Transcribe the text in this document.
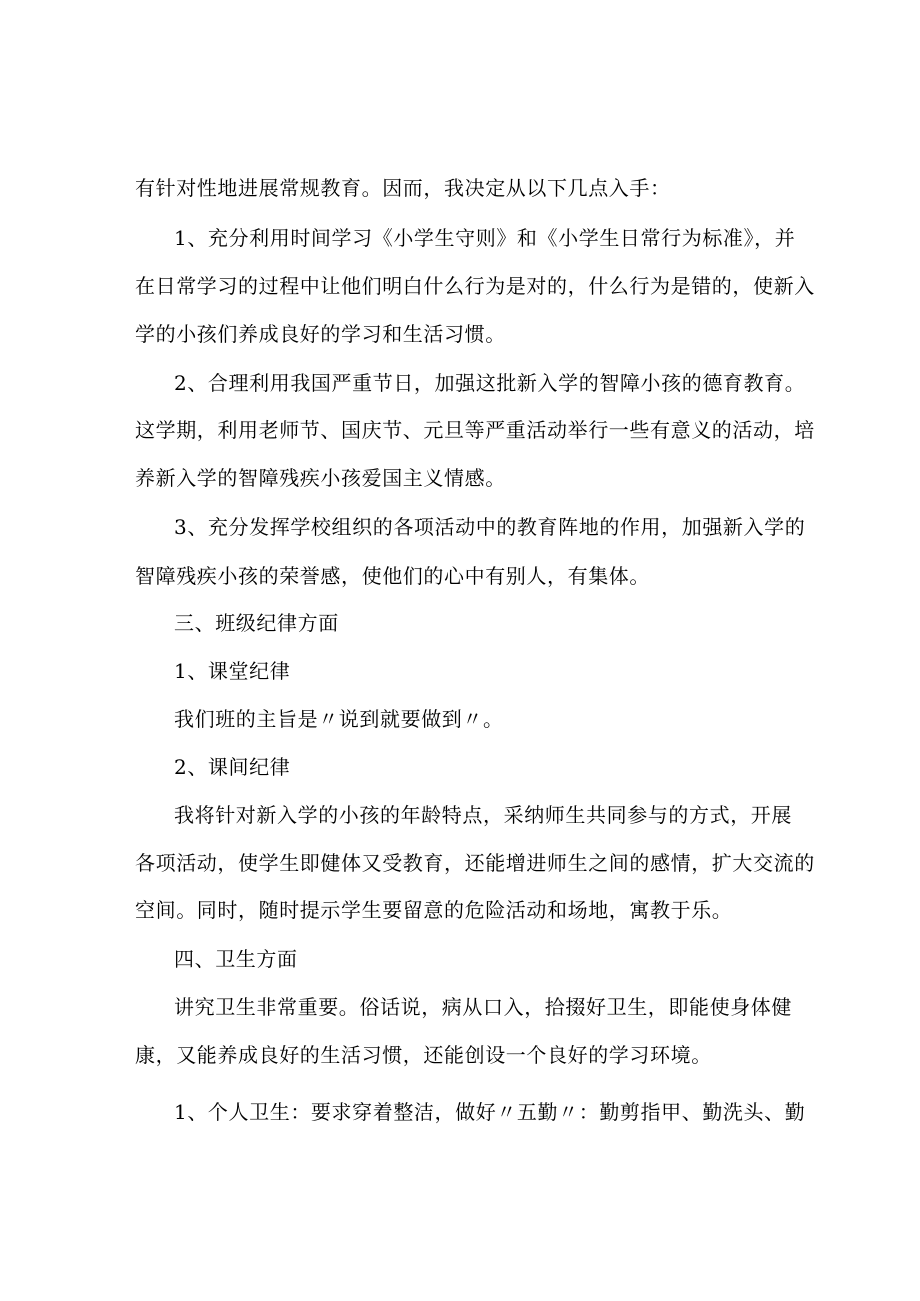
有针对性地进展常规教育。因而，我决定从以下几点入手：
1、充分利用时间学习《小学生守则》和《小学生日常行为标准》，并
在日常学习的过程中让他们明白什么行为是对的，什么行为是错的，使新入
学的小孩们养成良好的学习和生活习惯。
2、合理利用我国严重节日，加强这批新入学的智障小孩的德育教育。
这学期，利用老师节、国庆节、元旦等严重活动举行一些有意义的活动，培
养新入学的智障残疾小孩爱国主义情感。
3、充分发挥学校组织的各项活动中的教育阵地的作用，加强新入学的
智障残疾小孩的荣誉感，使他们的心中有别人，有集体。
三、班级纪律方面
1、课堂纪律
我们班的主旨是〃说到就要做到〃。
2、课间纪律
我将针对新入学的小孩的年龄特点，采纳师生共同参与的方式，开展
各项活动，使学生即健体又受教育，还能增进师生之间的感情，扩大交流的
空间。同时，随时提示学生要留意的危险活动和场地，寓教于乐。
四、卫生方面
讲究卫生非常重要。俗话说，病从口入，拾掇好卫生，即能使身体健
康，又能养成良好的生活习惯，还能创设一个良好的学习环境。
1、个人卫生：要求穿着整洁，做好〃五勤〃：勤剪指甲、勤洗头、勤
